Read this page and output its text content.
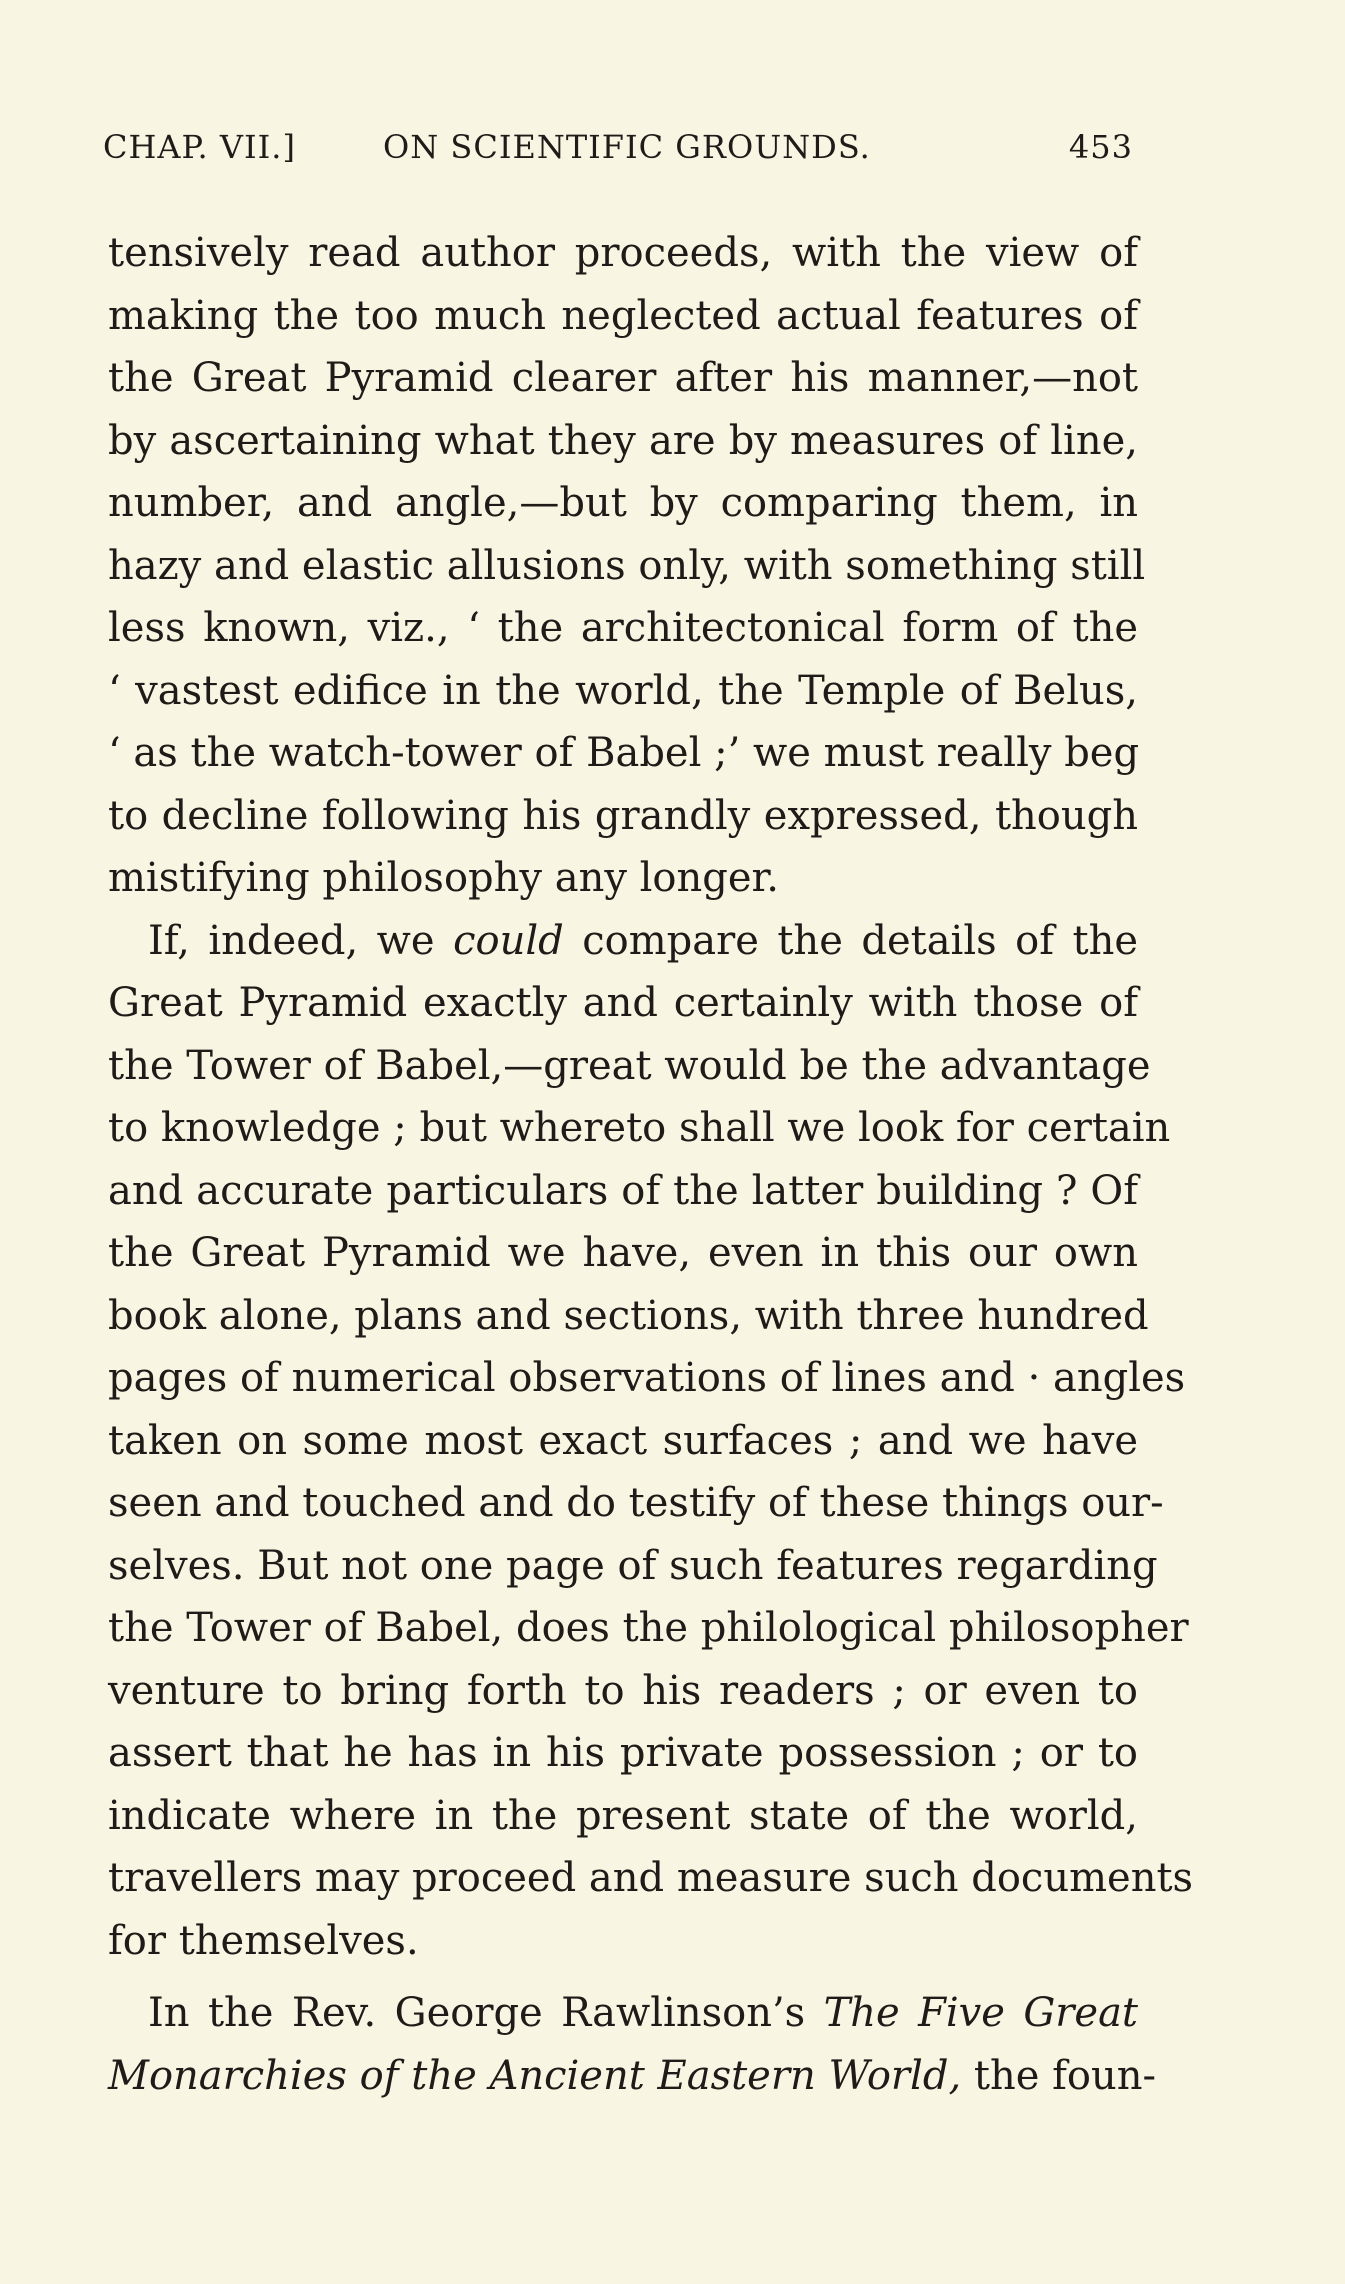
CHAP. VII.]	ON SCIENTIFIC GROUNDS.	453
tensively read author proceeds, with the view of
making the too much neglected actual features of
the Great Pyramid clearer after his manner,—not
by ascertaining what they are by measures of line,
number, and angle,—but by comparing them, in
hazy and elastic allusions only, with something still
less known, viz., ‘ the architectonical form of the
‘ vastest edifice in the world, the Temple of Belus,
‘ as the watch-tower of Babel ;’ we must really beg
to decline following his grandly expressed, though
mistifying philosophy any longer.
If, indeed, we could compare the details of the
Great Pyramid exactly and certainly with those of
the Tower of Babel,—great would be the advantage
to knowledge ; but whereto shall we look for certain
and accurate particulars of the latter building ? Of
the Great Pyramid we have, even in this our own
book alone, plans and sections, with three hundred
pages of numerical observations of lines and · angles
taken on some most exact surfaces ; and we have
seen and touched and do testify of these things our-
selves. But not one page of such features regarding
the Tower of Babel, does the philological philosopher
venture to bring forth to his readers ; or even to
assert that he has in his private possession ; or to
indicate where in the present state of the world,
travellers may proceed and measure such documents
for themselves.
In the Rev. George Rawlinson’s The Five Great
Monarchies of the Ancient Eastern World, the foun-
